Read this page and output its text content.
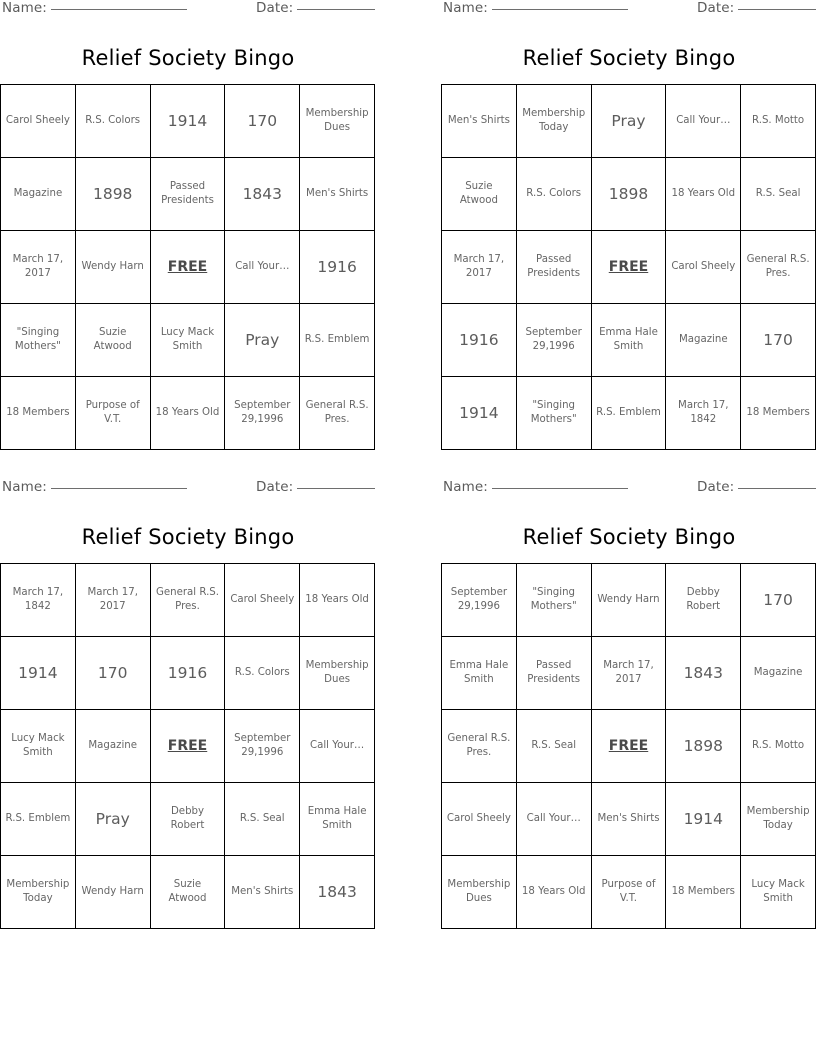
Name:	Date:
Relief Society Bingo
Carol Sheely	R.S. Colors	1914	170	Membership Dues
Magazine	1898	Passed Presidents	1843	Men's Shirts
March 17, 2017	Wendy Harn	FREE	Call Your…	1916
"Singing Mothers"	Suzie Atwood	Lucy Mack Smith	Pray	R.S. Emblem
18 Members	Purpose of V.T.	18 Years Old	September 29,1996	General R.S. Pres.
Name:	Date:
Relief Society Bingo
Men's Shirts	Membership Today	Pray	Call Your…	R.S. Motto
Suzie Atwood	R.S. Colors	1898	18 Years Old	R.S. Seal
March 17, 2017	Passed Presidents	FREE	Carol Sheely	General R.S. Pres.
1916	September 29,1996	Emma Hale Smith	Magazine	170
1914	"Singing Mothers"	R.S. Emblem	March 17, 1842	18 Members
Name:	Date:
Relief Society Bingo
March 17, 1842	March 17, 2017	General R.S. Pres.	Carol Sheely	18 Years Old
1914	170	1916	R.S. Colors	Membership Dues
Lucy Mack Smith	Magazine	FREE	September 29,1996	Call Your…
R.S. Emblem	Pray	Debby Robert	R.S. Seal	Emma Hale Smith
Membership Today	Wendy Harn	Suzie Atwood	Men's Shirts	1843
Name:	Date:
Relief Society Bingo
September 29,1996	"Singing Mothers"	Wendy Harn	Debby Robert	170
Emma Hale Smith	Passed Presidents	March 17, 2017	1843	Magazine
General R.S. Pres.	R.S. Seal	FREE	1898	R.S. Motto
Carol Sheely	Call Your…	Men's Shirts	1914	Membership Today
Membership Dues	18 Years Old	Purpose of V.T.	18 Members	Lucy Mack Smith
